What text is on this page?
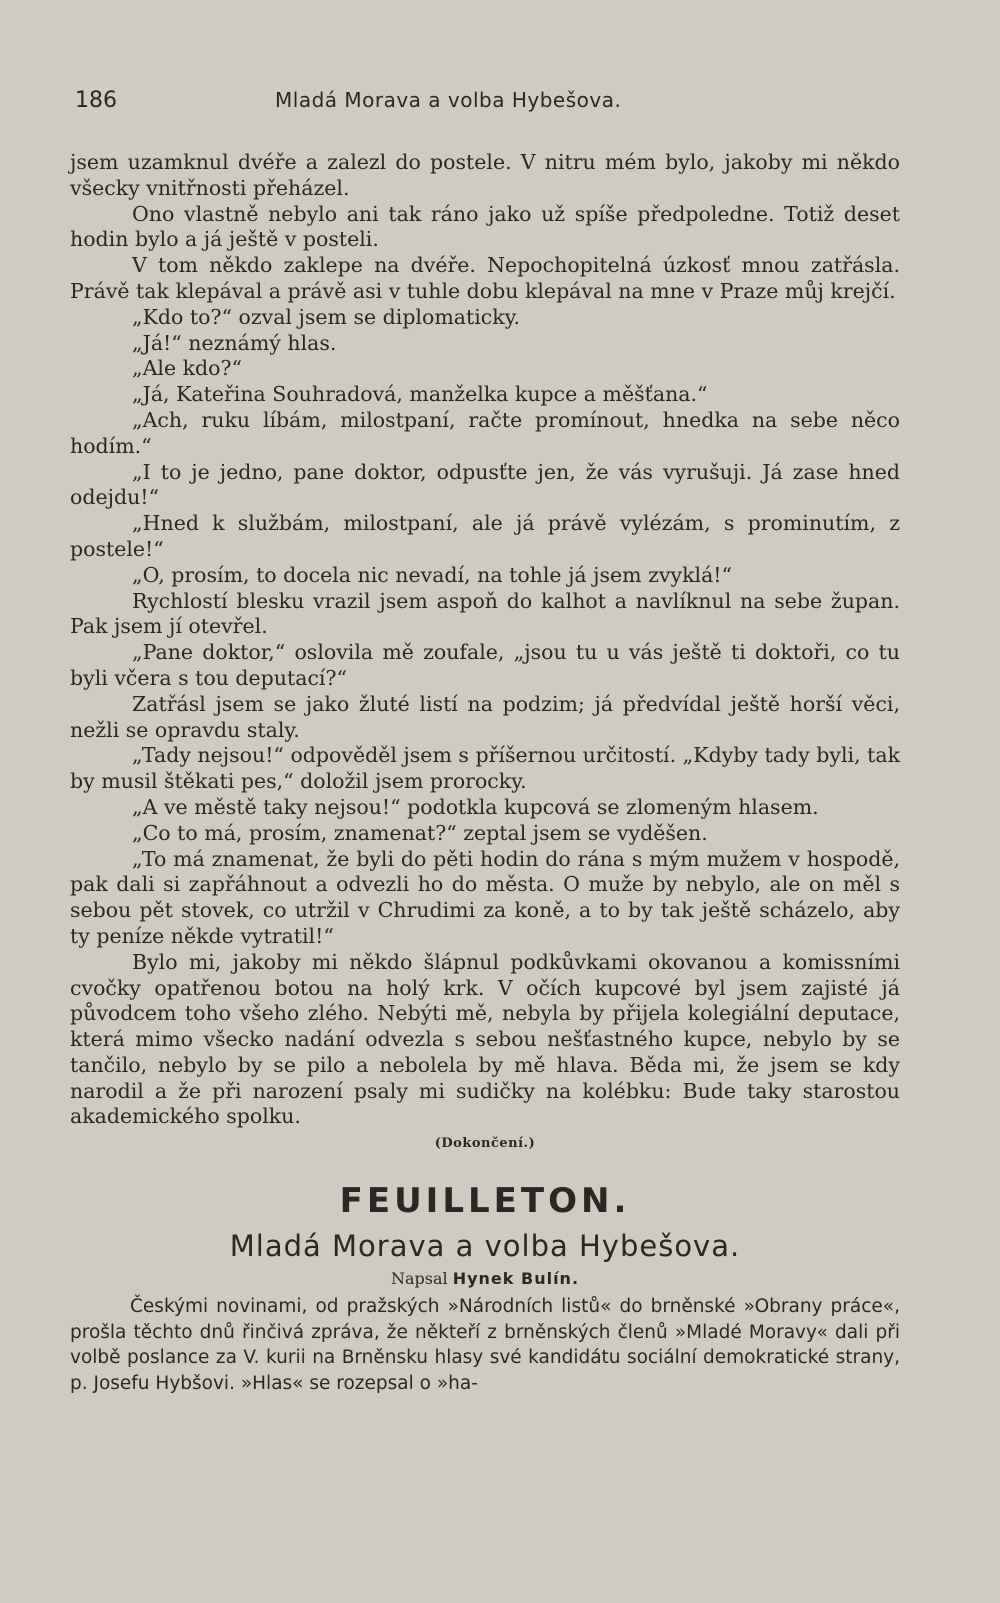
186	Mladá Morava a volba Hybešova.

jsem uzamknul dvéře a zalezl do postele. V nitru mém bylo, jakoby mi někdo všecky vnitřnosti přeházel.

Ono vlastně nebylo ani tak ráno jako už spíše předpoledne. Totiž deset hodin bylo a já ještě v posteli.

V tom někdo zaklepe na dvéře. Nepochopitelná úzkosť mnou zatřásla. Právě tak klepával a právě asi v tuhle dobu klepával na mne v Praze můj krejčí.

„Kdo to?“ ozval jsem se diplomaticky.

„Já!“ neznámý hlas.

„Ale kdo?“

„Já, Kateřina Souhradová, manželka kupce a měšťana.“

„Ach, ruku líbám, milostpaní, račte promínout, hnedka na sebe něco hodím.“

„I to je jedno, pane doktor, odpusťte jen, že vás vyrušuji. Já zase hned odejdu!“

„Hned k službám, milostpaní, ale já právě vylézám, s prominutím, z postele!“

„O, prosím, to docela nic nevadí, na tohle já jsem zvyklá!“

Rychlostí blesku vrazil jsem aspoň do kalhot a navlíknul na sebe župan. Pak jsem jí otevřel.

„Pane doktor,“ oslovila mě zoufale, „jsou tu u vás ještě ti doktoři, co tu byli včera s tou deputací?“

Zatřásl jsem se jako žluté listí na podzim; já předvídal ještě horší věci, nežli se opravdu staly.

„Tady nejsou!“ odpověděl jsem s příšernou určitostí. „Kdyby tady byli, tak by musil štěkati pes,“ doložil jsem prorocky.

„A ve městě taky nejsou!“ podotkla kupcová se zlomeným hlasem.

„Co to má, prosím, znamenat?“ zeptal jsem se vyděšen.

„To má znamenat, že byli do pěti hodin do rána s mým mužem v hospodě, pak dali si zapřáhnout a odvezli ho do města. O muže by nebylo, ale on měl s sebou pět stovek, co utržil v Chrudimi za koně, a to by tak ještě scházelo, aby ty peníze někde vytratil!“

Bylo mi, jakoby mi někdo šlápnul podkůvkami okovanou a komissními cvočky opatřenou botou na holý krk. V očích kupcové byl jsem zajisté já původcem toho všeho zlého. Nebýti mě, nebyla by přijela kolegiální deputace, která mimo všecko nadání odvezla s sebou nešťastného kupce, nebylo by se tančilo, nebylo by se pilo a nebolela by mě hlava. Běda mi, že jsem se kdy narodil a že při narození psaly mi sudičky na kolébku: Bude taky starostou akademického spolku.

(Dokončení.)
FEUILLETON.
Mladá Morava a volba Hybešova.
Napsal Hynek Bulín.

Českými novinami, od pražských »Národních listů« do brněnské »Obrany práce«, prošla těchto dnů řinčivá zpráva, že někteří z brněnských členů »Mladé Moravy« dali při volbě poslance za V. kurii na Brněnsku hlasy své kandidátu sociální demokratické strany, p. Josefu Hybšovi. »Hlas« se rozepsal o »ha-
